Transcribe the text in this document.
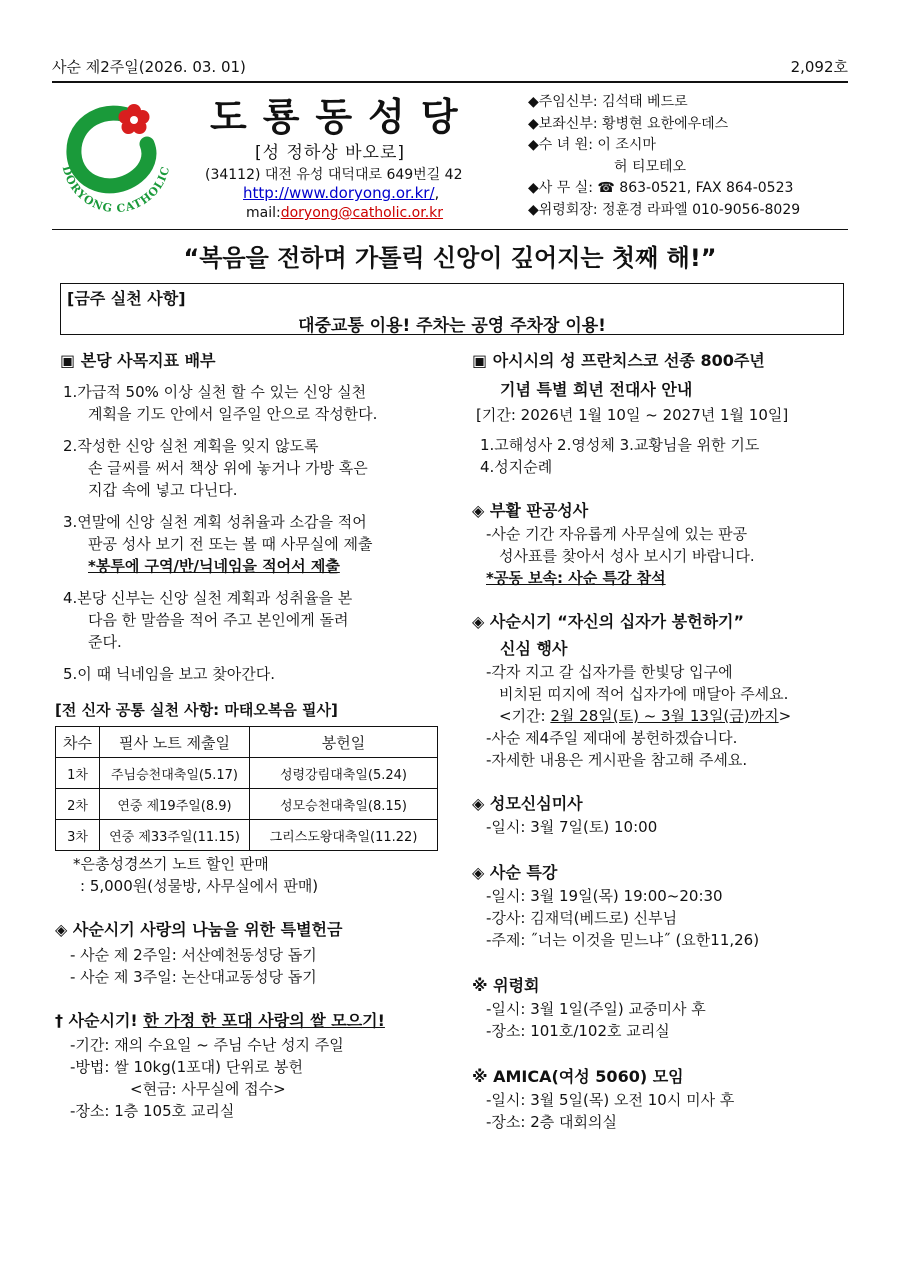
사순 제2주일(2026. 03. 01)	2,092호
DORYONG CATHOLIC
도룡동성당
[성 정하상 바오로]
(34112) 대전 유성 대덕대로 649번길 42
http://www.doryong.or.kr/,
mail:doryong@catholic.or.kr
◆주임신부: 김석태 베드로
◆보좌신부: 황병현 요한에우데스
◆수 녀 원: 이 조시마
허 티모테오
◆사 무 실: ☎ 863-0521, FAX 864-0523
◆위령회장: 정훈경 라파엘 010-9056-8029
“복음을 전하며 가톨릭 신앙이 깊어지는 첫째 해!”
[금주 실천 사항]
대중교통 이용! 주차는 공영 주차장 이용!
▣ 본당 사목지표 배부
1.가급적 50% 이상 실천 할 수 있는 신앙 실천
계획을 기도 안에서 일주일 안으로 작성한다.
2.작성한 신앙 실천 계획을 잊지 않도록
손 글씨를 써서 책상 위에 놓거나 가방 혹은
지갑 속에 넣고 다닌다.
3.연말에 신앙 실천 계획 성취율과 소감을 적어
판공 성사 보기 전 또는 볼 때 사무실에 제출
*봉투에 구역/반/닉네임을 적어서 제출
4.본당 신부는 신앙 실천 계획과 성취율을 본
다음 한 말씀을 적어 주고 본인에게 돌려
준다.
5.이 때 닉네임을 보고 찾아간다.
[전 신자 공통 실천 사항: 마태오복음 필사]
차수	필사 노트 제출일	봉헌일
1차	주님승천대축일(5.17)	성령강림대축일(5.24)
2차	연중 제19주일(8.9)	성모승천대축일(8.15)
3차	연중 제33주일(11.15)	그리스도왕대축일(11.22)
*은총성경쓰기 노트 할인 판매
: 5,000원(성물방, 사무실에서 판매)
◈ 사순시기 사랑의 나눔을 위한 특별헌금
- 사순 제 2주일: 서산예천동성당 돕기
- 사순 제 3주일: 논산대교동성당 돕기
† 사순시기! 한 가정 한 포대 사랑의 쌀 모으기!
-기간: 재의 수요일 ~ 주님 수난 성지 주일
-방법: 쌀 10kg(1포대) 단위로 봉헌
<현금: 사무실에 접수>
-장소: 1층 105호 교리실
▣ 아시시의 성 프란치스코 선종 800주년
기념 특별 희년 전대사 안내
[기간: 2026년 1월 10일 ~ 2027년 1월 10일]
1.고해성사 2.영성체 3.교황님을 위한 기도
4.성지순례
◈ 부활 판공성사
-사순 기간 자유롭게 사무실에 있는 판공
성사표를 찾아서 성사 보시기 바랍니다.
*공동 보속: 사순 특강 참석
◈ 사순시기 “자신의 십자가 봉헌하기”
신심 행사
-각자 지고 갈 십자가를 한빛당 입구에
비치된 띠지에 적어 십자가에 매달아 주세요.
<기간: 2월 28일(토) ~ 3월 13일(금)까지>
-사순 제4주일 제대에 봉헌하겠습니다.
-자세한 내용은 게시판을 참고해 주세요.
◈ 성모신심미사
-일시: 3월 7일(토) 10:00
◈ 사순 특강
-일시: 3월 19일(목) 19:00~20:30
-강사: 김재덕(베드로) 신부님
-주제: ˝너는 이것을 믿느냐˝ (요한11,26)
※ 위령회
-일시: 3월 1일(주일) 교중미사 후
-장소: 101호/102호 교리실
※ AMICA(여성 5060) 모임
-일시: 3월 5일(목) 오전 10시 미사 후
-장소: 2층 대회의실
